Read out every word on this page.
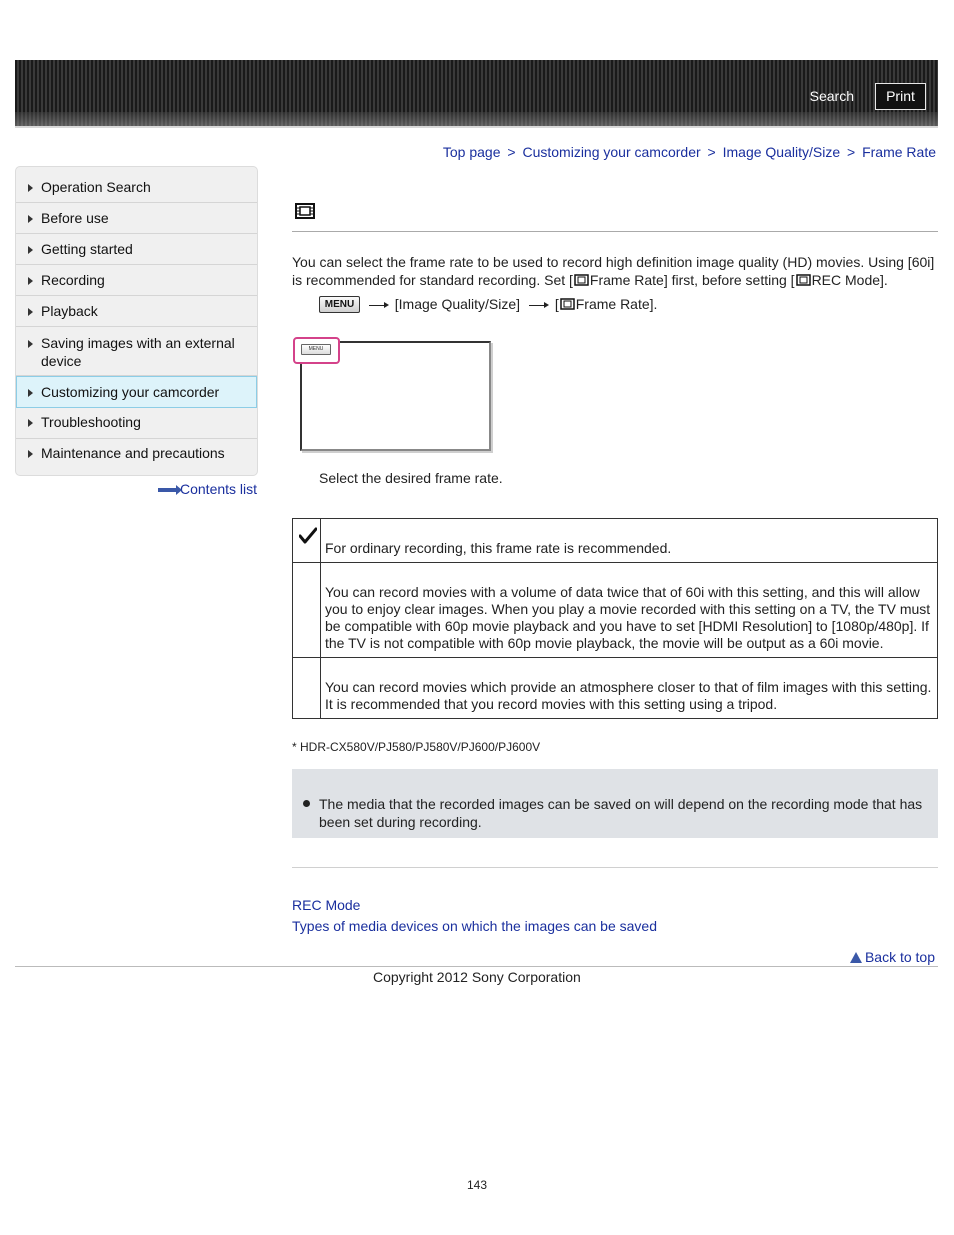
Search	Print
Top page > Customizing your camcorder > Image Quality/Size > Frame Rate
Operation Search
Before use
Getting started
Recording
Playback
Saving images with an external device
Customizing your camcorder
Troubleshooting
Maintenance and precautions
Contents list
You can select the frame rate to be used to record high definition image quality (HD) movies. Using [60i] is recommended for standard recording. Set [ Frame Rate] first, before setting [ REC Mode].
MENU	[Image Quality/Size] [ Frame Rate].
MENU
Select the desired frame rate.
	For ordinary recording, this frame rate is recommended.
	You can record movies with a volume of data twice that of 60i with this setting, and this will allow you to enjoy clear images. When you play a movie recorded with this setting on a TV, the TV must be compatible with 60p movie playback and you have to set [HDMI Resolution] to [1080p/480p]. If the TV is not compatible with 60p movie playback, the movie will be output as a 60i movie.
	You can record movies which provide an atmosphere closer to that of film images with this setting. It is recommended that you record movies with this setting using a tripod.
* HDR-CX580V/PJ580/PJ580V/PJ600/PJ600V
The media that the recorded images can be saved on will depend on the recording mode that has been set during recording.
REC Mode
Types of media devices on which the images can be saved
Back to top
Copyright 2012 Sony Corporation
143
